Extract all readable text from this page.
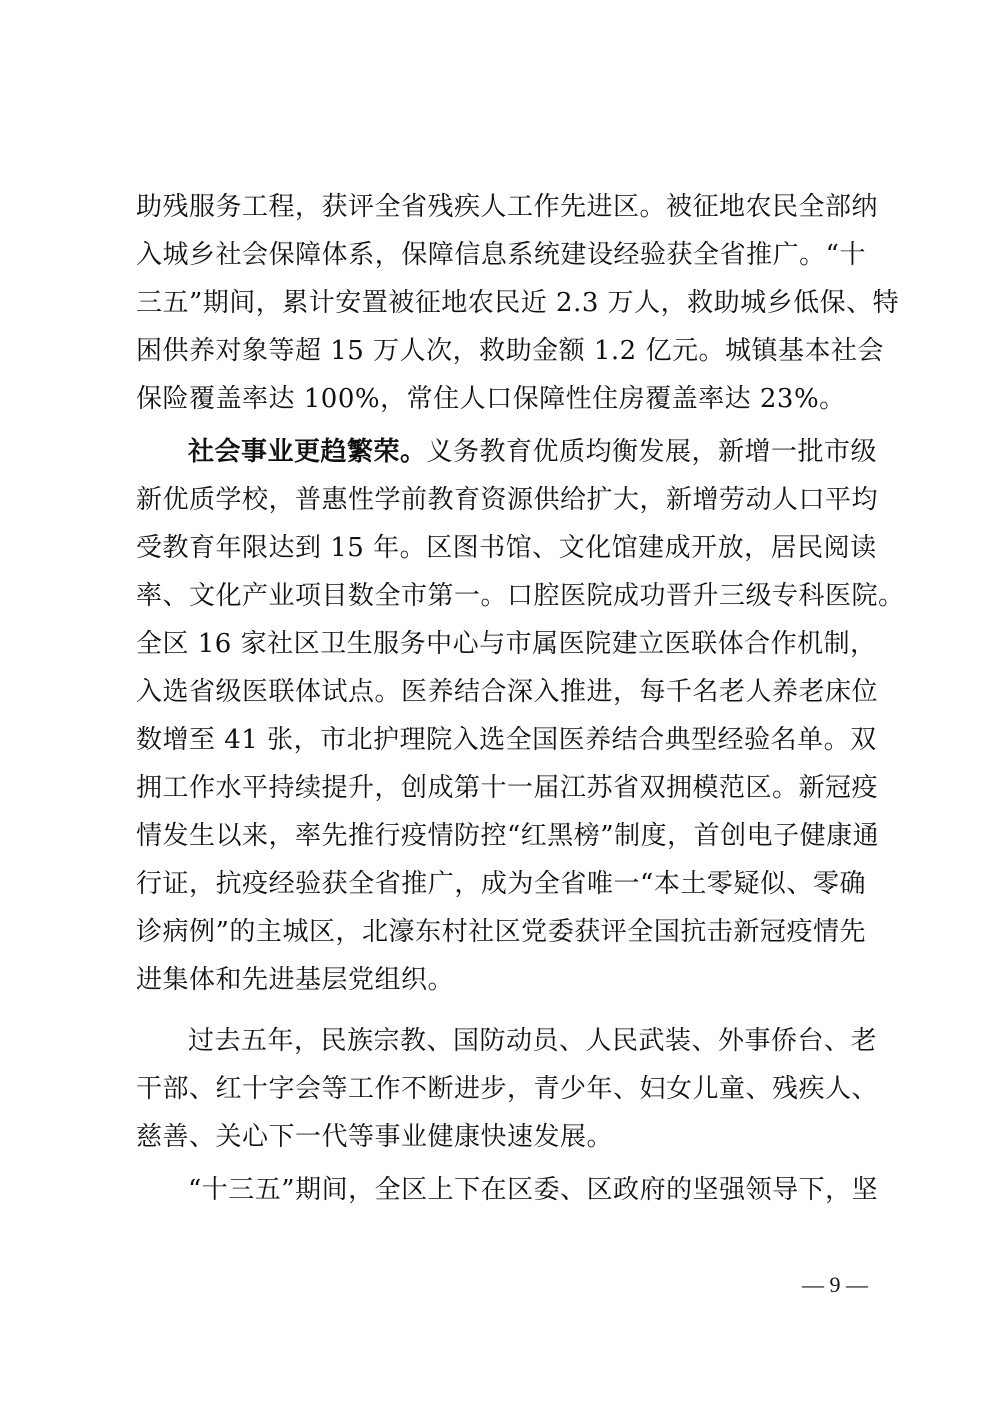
助残服务工程，获评全省残疾人工作先进区。被征地农民全部纳
入城乡社会保障体系，保障信息系统建设经验获全省推广。“十
三五”期间，累计安置被征地农民近 2.3 万人，救助城乡低保、特
困供养对象等超 15 万人次，救助金额 1.2 亿元。城镇基本社会
保险覆盖率达 100%，常住人口保障性住房覆盖率达 23%。
社会事业更趋繁荣。义务教育优质均衡发展，新增一批市级
新优质学校，普惠性学前教育资源供给扩大，新增劳动人口平均
受教育年限达到 15 年。区图书馆、文化馆建成开放，居民阅读
率、文化产业项目数全市第一。口腔医院成功晋升三级专科医院。
全区 16 家社区卫生服务中心与市属医院建立医联体合作机制，
入选省级医联体试点。医养结合深入推进，每千名老人养老床位
数增至 41 张，市北护理院入选全国医养结合典型经验名单。双
拥工作水平持续提升，创成第十一届江苏省双拥模范区。新冠疫
情发生以来，率先推行疫情防控“红黑榜”制度，首创电子健康通
行证，抗疫经验获全省推广，成为全省唯一“本土零疑似、零确
诊病例”的主城区，北濠东村社区党委获评全国抗击新冠疫情先
进集体和先进基层党组织。
过去五年，民族宗教、国防动员、人民武装、外事侨台、老
干部、红十字会等工作不断进步，青少年、妇女儿童、残疾人、
慈善、关心下一代等事业健康快速发展。
“十三五”期间，全区上下在区委、区政府的坚强领导下，坚
— 9 —
